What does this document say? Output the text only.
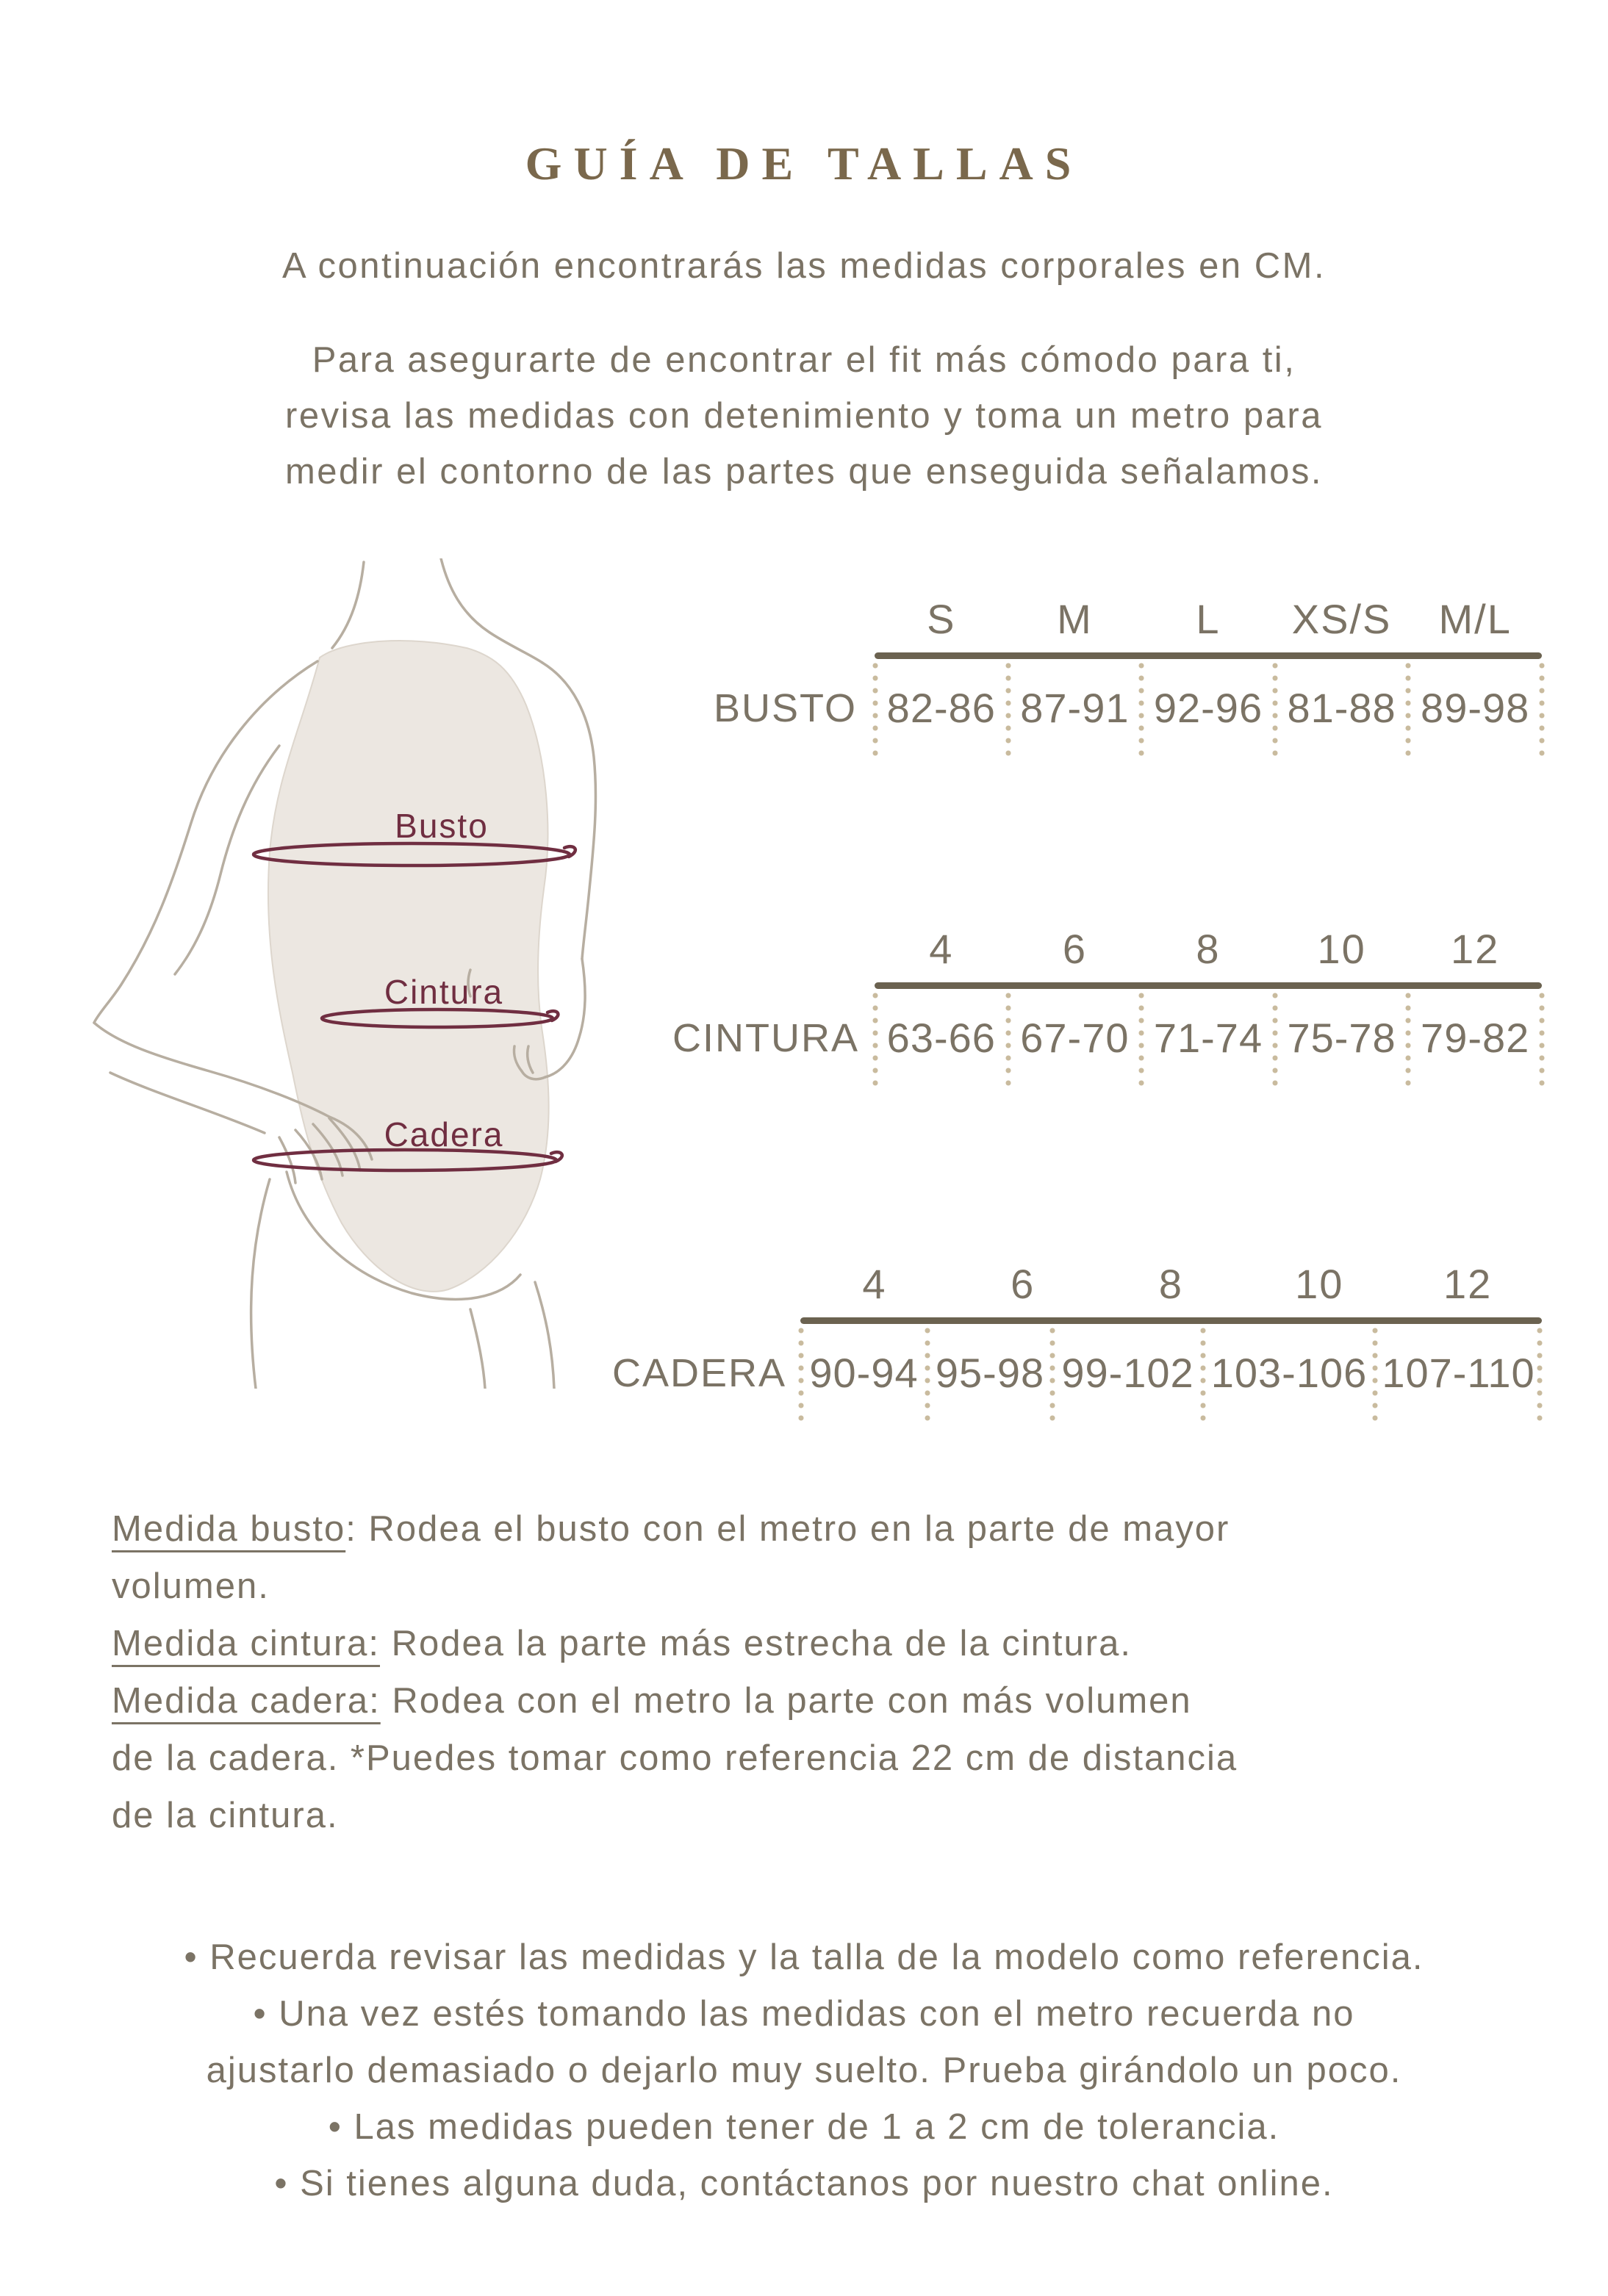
GUÍA DE TALLAS
A continuación encontrarás las medidas corporales en CM.
Para asegurarte de encontrar el fit más cómodo para ti,
revisa las medidas con detenimiento y toma un metro para
medir el contorno de las partes que enseguida señalamos.
Busto
Cintura
Cadera
S	M	L	XS/S	M/L
BUSTO 82-86 87-91 92-96 81-88 89-98
4	6	8	10	12
CINTURA 63-66 67-70 71-74 75-78 79-82
4	6	8	10	12
CADERA 90-94 95-98 99-102 103-106 107-110
Medida busto: Rodea el busto con el metro en la parte de mayor
volumen.
Medida cintura: Rodea la parte más estrecha de la cintura.
Medida cadera: Rodea con el metro la parte con más volumen
de la cadera. *Puedes tomar como referencia 22 cm de distancia
de la cintura.
• Recuerda revisar las medidas y la talla de la modelo como referencia.
• Una vez estés tomando las medidas con el metro recuerda no
ajustarlo demasiado o dejarlo muy suelto. Prueba girándolo un poco.
• Las medidas pueden tener de 1 a 2 cm de tolerancia.
• Si tienes alguna duda, contáctanos por nuestro chat online.
